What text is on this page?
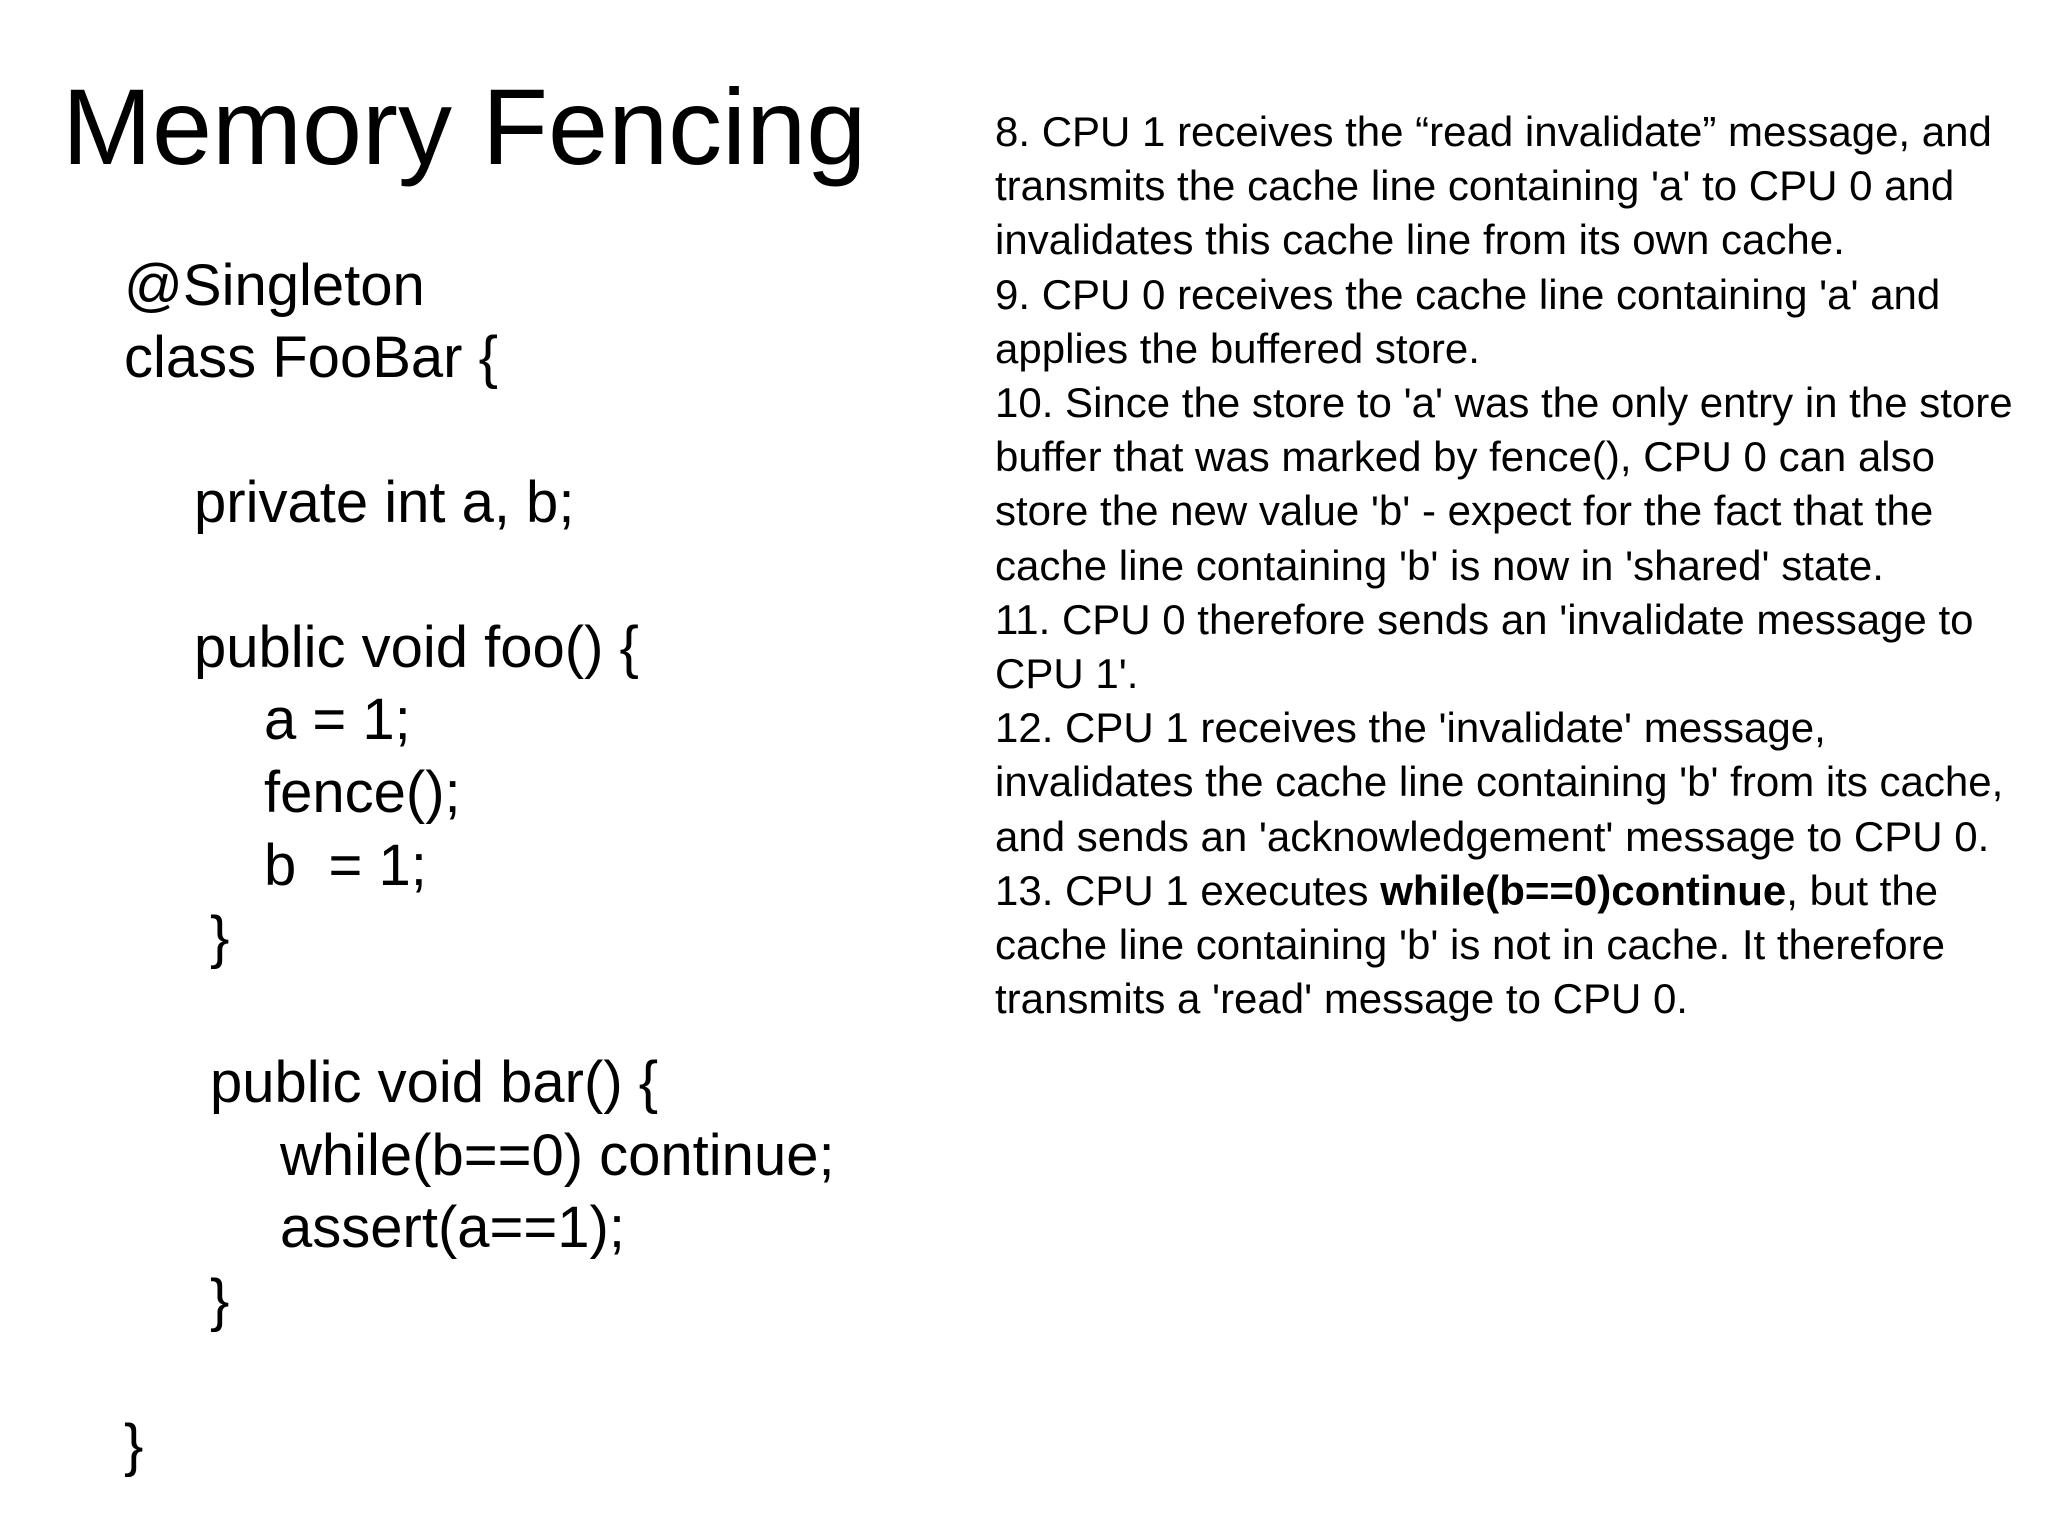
Memory Fencing
@Singleton
class FooBar {
private int a, b;
public void foo() {
a = 1;
fence();
b  = 1;
}
public void bar() {
while(b==0) continue;
assert(a==1);
}
}

8. CPU 1 receives the “read invalidate” message, and transmits the cache line containing 'a' to CPU 0 and invalidates this cache line from its own cache.

9. CPU 0 receives the cache line containing 'a' and applies the buffered store.

10. Since the store to 'a' was the only entry in the store buffer that was marked by fence(), CPU 0 can also store the new value 'b' - expect for the fact that the cache line containing 'b' is now in 'shared' state.

11. CPU 0 therefore sends an 'invalidate message to CPU 1'.

12. CPU 1 receives the 'invalidate' message, invalidates the cache line containing 'b' from its cache, and sends an 'acknowledgement' message to CPU 0.

13. CPU 1 executes while(b==0)continue, but the cache line containing 'b' is not in cache. It therefore transmits a 'read' message to CPU 0.
